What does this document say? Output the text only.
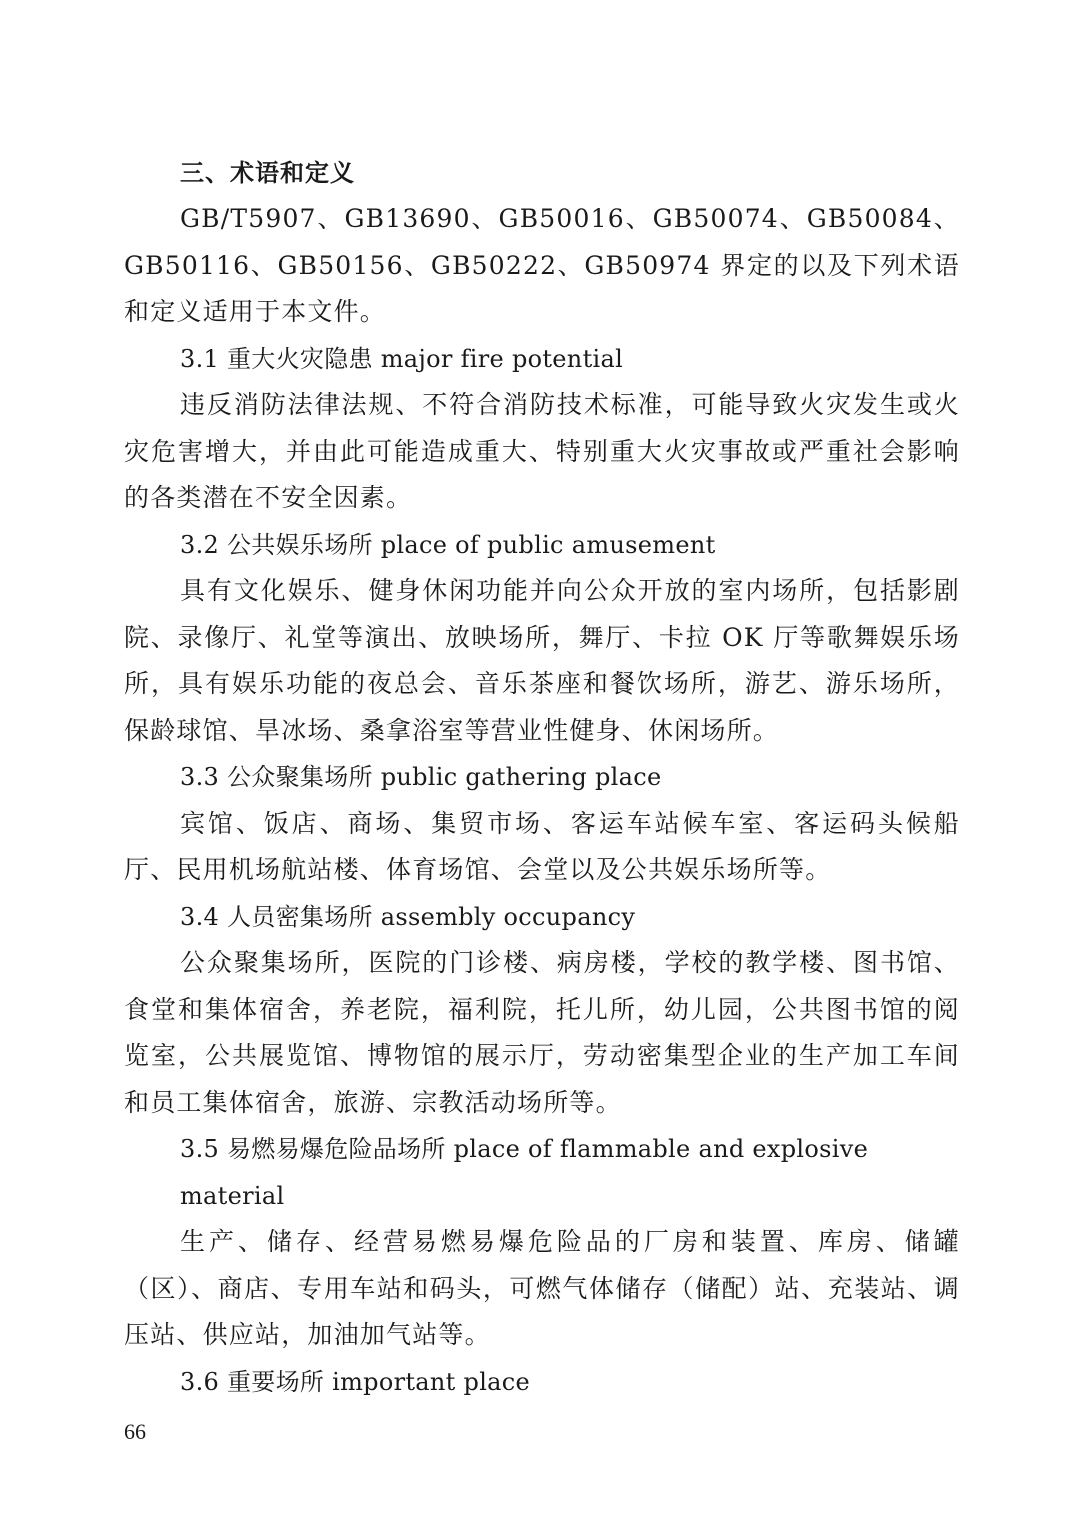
三、术语和定义

GB/T5907、GB13690、GB50016、GB50074、GB50084、GB50116、GB50156、GB50222、GB50974 界定的以及下列术语和定义适用于本文件。

3.1 重大火灾隐患 major fire potential

违反消防法律法规、不符合消防技术标准，可能导致火灾发生或火灾危害增大，并由此可能造成重大、特别重大火灾事故或严重社会影响的各类潜在不安全因素。

3.2 公共娱乐场所 place of public amusement

具有文化娱乐、健身休闲功能并向公众开放的室内场所，包括影剧院、录像厅、礼堂等演出、放映场所，舞厅、卡拉 OK 厅等歌舞娱乐场所，具有娱乐功能的夜总会、音乐茶座和餐饮场所，游艺、游乐场所，保龄球馆、旱冰场、桑拿浴室等营业性健身、休闲场所。

3.3 公众聚集场所 public gathering place

宾馆、饭店、商场、集贸市场、客运车站候车室、客运码头候船厅、民用机场航站楼、体育场馆、会堂以及公共娱乐场所等。

3.4 人员密集场所 assembly occupancy

公众聚集场所，医院的门诊楼、病房楼，学校的教学楼、图书馆、食堂和集体宿舍，养老院，福利院，托儿所，幼儿园，公共图书馆的阅览室，公共展览馆、博物馆的展示厅，劳动密集型企业的生产加工车间和员工集体宿舍，旅游、宗教活动场所等。

3.5 易燃易爆危险品场所 place of flammable and explosive material

生产、储存、经营易燃易爆危险品的厂房和装置、库房、储罐（区）、商店、专用车站和码头，可燃气体储存（储配）站、充装站、调压站、供应站，加油加气站等。

3.6 重要场所 important place

66
